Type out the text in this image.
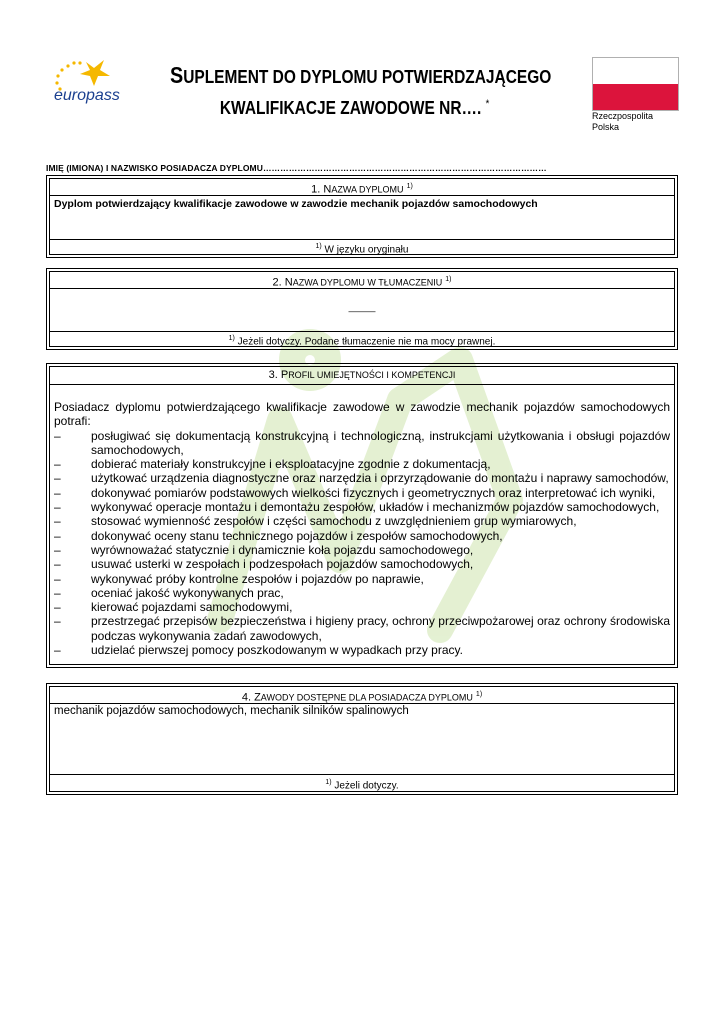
europass
SUPLEMENT DO DYPLOMU POTWIERDZAJĄCEGO
KWALIFIKACJE ZAWODOWE NR…. *
Rzeczpospolita
Polska
IMIĘ (IMIONA) I NAZWISKO POSIADACZA DYPLOMU………………………………………………………………………………………
1. NAZWA DYPLOMU $^{1)}$
Dyplom potwierdzający kwalifikacje zawodowe w zawodzie mechanik pojazdów samochodowych
$^{1)}$ W języku oryginału
2. NAZWA DYPLOMU W TŁUMACZENIU $^{1)}$
———
$^{1)}$ Jeżeli dotyczy. Podane tłumaczenie nie ma mocy prawnej.
3. PROFIL UMIEJĘTNOŚCI I KOMPETENCJI

Posiadacz dyplomu potwierdzającego kwalifikacje zawodowe w zawodzie mechanik pojazdów samochodowych potrafi:

–	posługiwać się dokumentacją konstrukcyjną i technologiczną, instrukcjami użytkowania i obsługi pojazdów samochodowych,
–	dobierać materiały konstrukcyjne i eksploatacyjne zgodnie z dokumentacją,
–	użytkować urządzenia diagnostyczne oraz narzędzia i oprzyrządowanie do montażu i naprawy samochodów,
–	dokonywać pomiarów podstawowych wielkości fizycznych i geometrycznych oraz interpretować ich wyniki,
–	wykonywać operacje montażu i demontażu zespołów, układów i mechanizmów pojazdów samochodowych,
–	stosować wymienność zespołów i części samochodu z uwzględnieniem grup wymiarowych,
–	dokonywać oceny stanu technicznego pojazdów i zespołów samochodowych,
–	wyrównoważać statycznie i dynamicznie koła pojazdu samochodowego,
–	usuwać usterki w zespołach i podzespołach pojazdów samochodowych,
–	wykonywać próby kontrolne zespołów i pojazdów po naprawie,
–	oceniać jakość wykonywanych prac,
–	kierować pojazdami samochodowymi,
–	przestrzegać przepisów bezpieczeństwa i higieny pracy, ochrony przeciwpożarowej oraz ochrony środowiska podczas wykonywania zadań zawodowych,
–	udzielać pierwszej pomocy poszkodowanym w wypadkach przy pracy.
4. ZAWODY DOSTĘPNE DLA POSIADACZA DYPLOMU $^{1)}$
mechanik pojazdów samochodowych, mechanik silników spalinowych
$^{1)}$ Jeżeli dotyczy.
